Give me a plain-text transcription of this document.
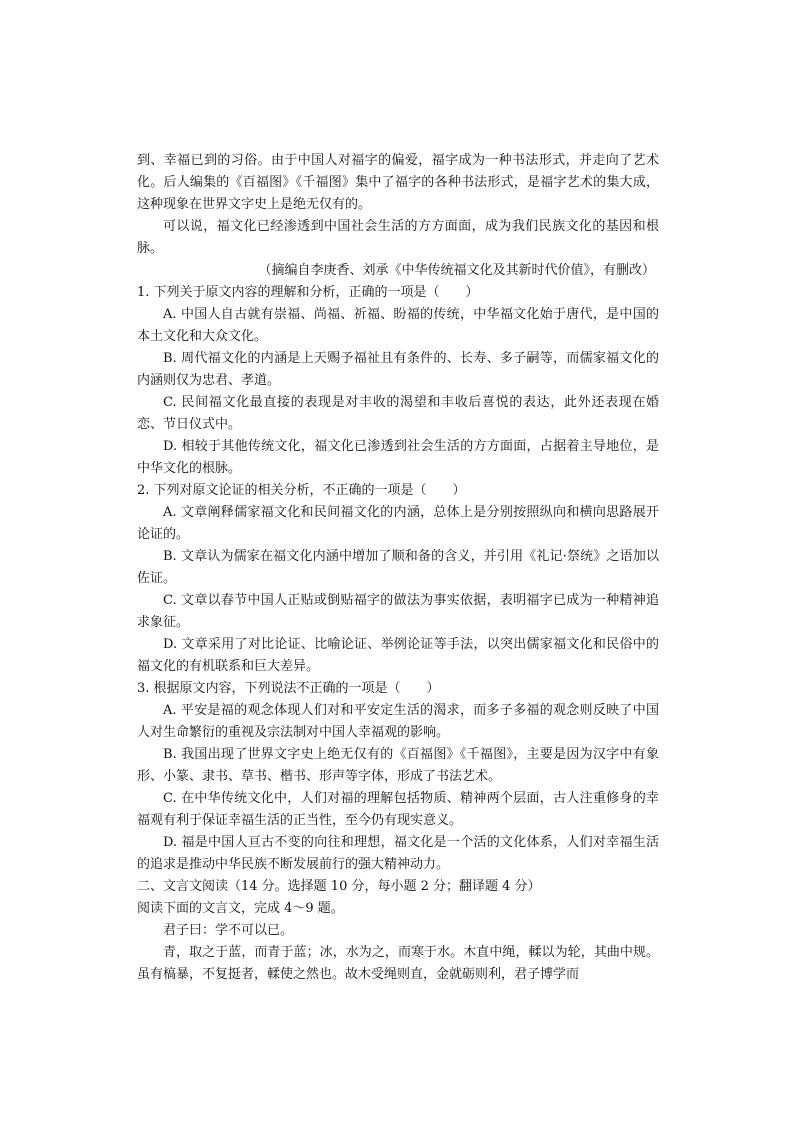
到、幸福已到的习俗。由于中国人对福字的偏爱，福字成为一种书法形式，并走向了艺术化。后人编集的《百福图》《千福图》集中了福字的各种书法形式，是福字艺术的集大成，这种现象在世界文字史上是绝无仅有的。

可以说，福文化已经渗透到中国社会生活的方方面面，成为我们民族文化的基因和根脉。

（摘编自李庚香、刘承《中华传统福文化及其新时代价值》，有删改）

1. 下列关于原文内容的理解和分析，正确的一项是（　　）

A. 中国人自古就有崇福、尚福、祈福、盼福的传统，中华福文化始于唐代，是中国的本土文化和大众文化。

B. 周代福文化的内涵是上天赐予福祉且有条件的、长寿、多子嗣等，而儒家福文化的内涵则仅为忠君、孝道。

C. 民间福文化最直接的表现是对丰收的渴望和丰收后喜悦的表达，此外还表现在婚恋、节日仪式中。

D. 相较于其他传统文化，福文化已渗透到社会生活的方方面面，占据着主导地位，是中华文化的根脉。

2. 下列对原文论证的相关分析，不正确的一项是（　　）

A. 文章阐释儒家福文化和民间福文化的内涵，总体上是分别按照纵向和横向思路展开论证的。

B. 文章认为儒家在福文化内涵中增加了顺和备的含义，并引用《礼记·祭统》之语加以佐证。

C. 文章以春节中国人正贴或倒贴福字的做法为事实依据，表明福字已成为一种精神追求象征。

D. 文章采用了对比论证、比喻论证、举例论证等手法，以突出儒家福文化和民俗中的福文化的有机联系和巨大差异。

3. 根据原文内容，下列说法不正确的一项是（　　）

A. 平安是福的观念体现人们对和平安定生活的渴求，而多子多福的观念则反映了中国人对生命繁衍的重视及宗法制对中国人幸福观的影响。

B. 我国出现了世界文字史上绝无仅有的《百福图》《千福图》，主要是因为汉字中有象形、小篆、隶书、草书、楷书、形声等字体，形成了书法艺术。

C. 在中华传统文化中，人们对福的理解包括物质、精神两个层面，古人注重修身的幸福观有利于保证幸福生活的正当性，至今仍有现实意义。

D. 福是中国人亘古不变的向往和理想，福文化是一个活的文化体系，人们对幸福生活的追求是推动中华民族不断发展前行的强大精神动力。

二、文言文阅读（14 分。选择题 10 分，每小题 2 分；翻译题 4 分）

阅读下面的文言文，完成 4～9 题。

君子曰：学不可以已。

青，取之于蓝，而青于蓝；冰，水为之，而寒于水。木直中绳，輮以为轮，其曲中规。虽有槁暴，不复挺者，輮使之然也。故木受绳则直，金就砺则利，君子博学而
